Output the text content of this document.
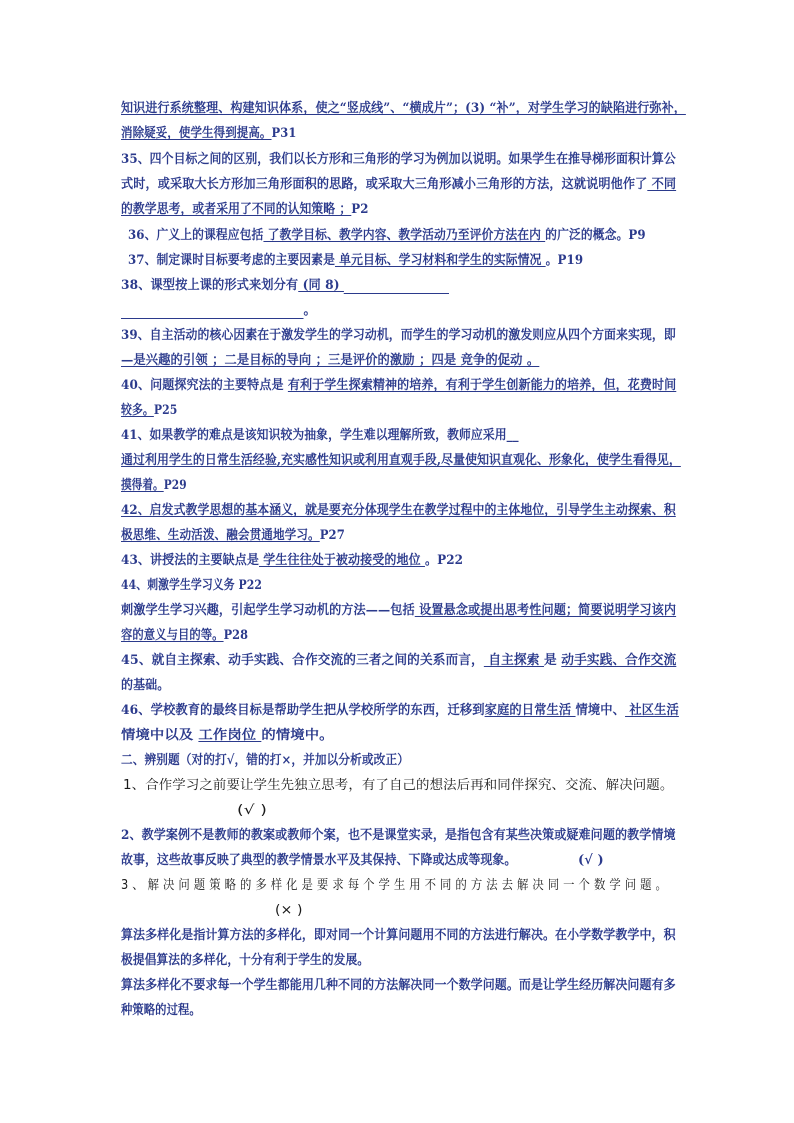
知识进行系统整理、构建知识体系，使之“竖成线”、“横成片”；(3) “补”，对学生学习的缺陷进行弥补，
消除疑妥，使学生得到提高。P31
35、四个目标之间的区别，我们以长方形和三角形的学习为例加以说明。如果学生在推导梯形面积计算公
式时，或采取大长方形加三角形面积的思路，或采取大三角形减小三角形的方法，这就说明他作了 不同
的教学思考，或者采用了不同的认知策略 ；P2
36、广义上的课程应包括 了教学目标、教学内容、教学活动乃至评价方法在内 的广泛的概念。P9
37、制定课时目标要考虑的主要因素是 单元目标、学习材料和学生的实际情况 。P19
38、课型按上课的形式来划分有 (同 8)
。
39、自主活动的核心因素在于激发学生的学习动机，而学生的学习动机的激发则应从四个方面来实现，即
—是兴趣的引领 ；二是目标的导向 ；三是评价的激励 ；四是 竞争的促动 。
40、问题探究法的主要特点是 有利于学生探索精神的培养，有利于学生创新能力的培养，但，花费时间
较多。P25
41、如果教学的难点是该知识较为抽象，学生难以理解所致，教师应采用__
通过利用学生的日常生活经验,充实感性知识或利用直观手段,尽量使知识直观化、形象化，使学生看得见，
摸得着。P29
42、启发式教学思想的基本涵义，就是要充分体现学生在教学过程中的主体地位，引导学生主动探索、积
极思维、生动活泼、融会贯通地学习。P27
43、讲授法的主要缺点是 学生往往处于被动接受的地位 。P22
44、刺激学生学习义务 P22
刺激学生学习兴趣，引起学生学习动机的方法——包括 设置悬念或提出思考性问题；简要说明学习该内
容的意义与目的等。P28
45、就自主探索、动手实践、合作交流的三者之间的关系而言， 自主探索 是 动手实践、合作交流
的基础。
46、学校教育的最终目标是帮助学生把从学校所学的东西，迁移到家庭的日常生活 情境中、 社区生活
情境中以及 工作岗位 的情境中。
二、辨别题（对的打√，错的打×，并加以分析或改正）
1、合作学习之前要让学生先独立思考，有了自己的想法后再和同伴探究、交流、解决问题。
(√ )
2、教学案例不是教师的教案或教师个案，也不是课堂实录，是指包含有某些决策或疑难问题的教学情境
故事，这些故事反映了典型的教学情景水平及其保持、下降或达成等现象。	(√ )
3、解决问题策略的多样化是要求每个学生用不同的方法去解决同一个数学问题。
(× )
算法多样化是指计算方法的多样化，即对同一个计算问题用不同的方法进行解决。在小学数学教学中，积
极提倡算法的多样化，十分有利于学生的发展。
算法多样化不要求每一个学生都能用几种不同的方法解决同一个数学问题。而是让学生经历解决问题有多
种策略的过程。
